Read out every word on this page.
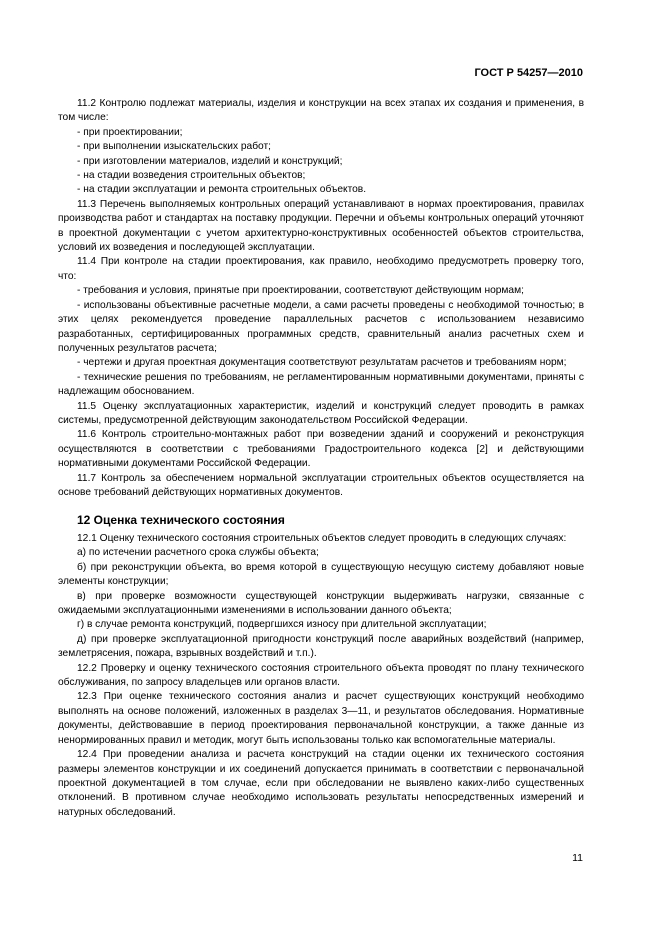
ГОСТ Р 54257—2010

11.2 Контролю подлежат материалы, изделия и конструкции на всех этапах их создания и применения, в том числе:

- при проектировании;

- при выполнении изыскательских работ;

- при изготовлении материалов, изделий и конструкций;

- на стадии возведения строительных объектов;

- на стадии эксплуатации и ремонта строительных объектов.

11.3 Перечень выполняемых контрольных операций устанавливают в нормах проектирования, правилах производства работ и стандартах на поставку продукции. Перечни и объемы контрольных операций уточняют в проектной документации с учетом архитектурно-конструктивных особенностей объектов строительства, условий их возведения и последующей эксплуатации.

11.4 При контроле на стадии проектирования, как правило, необходимо предусмотреть проверку того, что:

- требования и условия, принятые при проектировании, соответствуют действующим нормам;

- использованы объективные расчетные модели, а сами расчеты проведены с необходимой точностью; в этих целях рекомендуется проведение параллельных расчетов с использованием независимо разработанных, сертифицированных программных средств, сравнительный анализ расчетных схем и полученных результатов расчета;

- чертежи и другая проектная документация соответствуют результатам расчетов и требованиям норм;

- технические решения по требованиям, не регламентированным нормативными документами, приняты с надлежащим обоснованием.

11.5 Оценку эксплуатационных характеристик, изделий и конструкций следует проводить в рамках системы, предусмотренной действующим законодательством Российской Федерации.

11.6 Контроль строительно-монтажных работ при возведении зданий и сооружений и реконструкция осуществляются в соответствии с требованиями Градостроительного кодекса [2] и действующими нормативными документами Российской Федерации.

11.7 Контроль за обеспечением нормальной эксплуатации строительных объектов осуществляется на основе требований действующих нормативных документов.

12 Оценка технического состояния

12.1 Оценку технического состояния строительных объектов следует проводить в следующих случаях:

а) по истечении расчетного срока службы объекта;

б) при реконструкции объекта, во время которой в существующую несущую систему добавляют новые элементы конструкции;

в) при проверке возможности существующей конструкции выдерживать нагрузки, связанные с ожидаемыми эксплуатационными изменениями в использовании данного объекта;

г) в случае ремонта конструкций, подвергшихся износу при длительной эксплуатации;

д) при проверке эксплуатационной пригодности конструкций после аварийных воздействий (например, землетрясения, пожара, взрывных воздействий и т.п.).

12.2 Проверку и оценку технического состояния строительного объекта проводят по плану технического обслуживания, по запросу владельцев или органов власти.

12.3 При оценке технического состояния анализ и расчет существующих конструкций необходимо выполнять на основе положений, изложенных в разделах 3—11, и результатов обследования. Нормативные документы, действовавшие в период проектирования первоначальной конструкции, а также данные из ненормированных правил и методик, могут быть использованы только как вспомогательные материалы.

12.4 При проведении анализа и расчета конструкций на стадии оценки их технического состояния размеры элементов конструкции и их соединений допускается принимать в соответствии с первоначальной проектной документацией в том случае, если при обследовании не выявлено каких-либо существенных отклонений. В противном случае необходимо использовать результаты непосредственных измерений и натурных обследований.

11
